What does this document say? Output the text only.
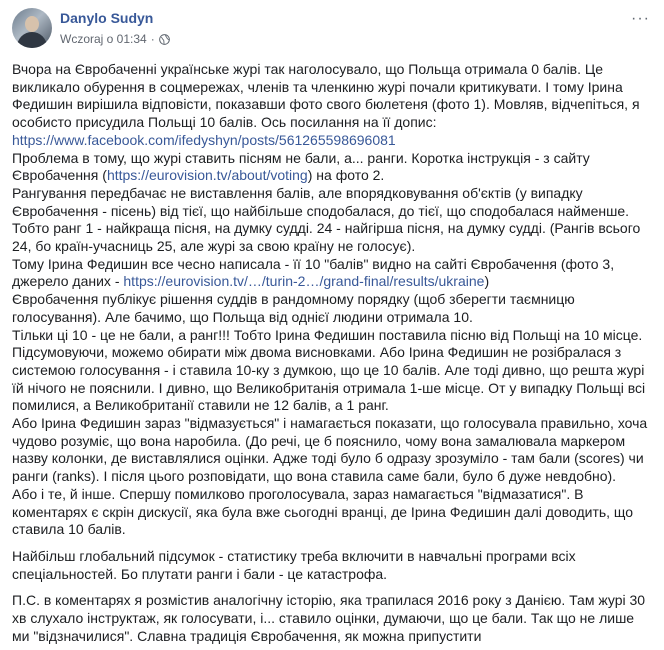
Danylo Sudyn
Wczoraj o 01:34 ·
···

Вчора на Євробаченні українське журі так наголосувало, що Польща отримала 0 балів. Це викликало обурення в соцмережах, членів та членкиню журі почали критикувати. І тому Ірина Федишин вирішила відповісти, показавши фото свого бюлетеня (фото 1). Мовляв, відчепіться, я особисто присудила Польщі 10 балів. Ось посилання на її допис: https://www.facebook.com/ifedyshyn/posts/561265598696081

Проблема в тому, що журі ставить пісням не бали, а... ранги. Коротка інструкція - з сайту Євробачення (https://eurovision.tv/about/voting) на фото 2.

Рангування передбачає не виставлення балів, але впорядковування об'єктів (у випадку Євробачення - пісень) від тієї, що найбільше сподобалася, до тієї, що сподобалася найменше. Тобто ранг 1 - найкраща пісня, на думку судді. 24 - найгірша пісня, на думку судді. (Рангів всього 24, бо країн-учасниць 25, але журі за свою країну не голосує).

Тому Ірина Федишин все чесно написала - її 10 "балів" видно на сайті Євробачення (фото 3, джерело даних - https://eurovision.tv/…/turin-2…/grand-final/results/ukraine)

Євробачення публікує рішення суддів в рандомному порядку (щоб зберегти таємницю голосування). Але бачимо, що Польща від однієї людини отримала 10.

Тільки ці 10 - це не бали, а ранг!!! Тобто Ірина Федишин поставила пісню від Польщі на 10 місце.

Підсумовуючи, можемо обирати між двома висновками. Або Ірина Федишин не розібралася з системою голосування - і ставила 10-ку з думкою, що це 10 балів. Але тоді дивно, що решта журі їй нічого не пояснили. І дивно, що Великобританія отримала 1-ше місце. От у випадку Польщі всі помилися, а Великобританії ставили не 12 балів, а 1 ранг.

Або Ірина Федишин зараз "відмазується" і намагається показати, що голосувала правильно, хоча чудово розуміє, що вона наробила. (До речі, це б пояснило, чому вона замалювала маркером назву колонки, де виставлялися оцінки. Адже тоді було б одразу зрозуміло - там бали (scores) чи ранги (ranks). І після цього розповідати, що вона ставила саме бали, було б дуже невдобно).

Або і те, й інше. Спершу помилково проголосувала, зараз намагається "відмазатися". В коментарях є скрін дискусії, яка була вже сьогодні вранці, де Ірина Федишин далі доводить, що ставила 10 балів.

Найбільш глобальний підсумок - статистику треба включити в навчальні програми всіх спеціальностей. Бо плутати ранги і бали - це катастрофа.

П.С. в коментарях я розмістив аналогічну історію, яка трапилася 2016 року з Данією. Там журі 30 хв слухало інструктаж, як голосувати, і... ставило оцінки, думаючи, що це бали. Так що не лише ми "відзначилися". Славна традиція Євробачення, як можна припустити
